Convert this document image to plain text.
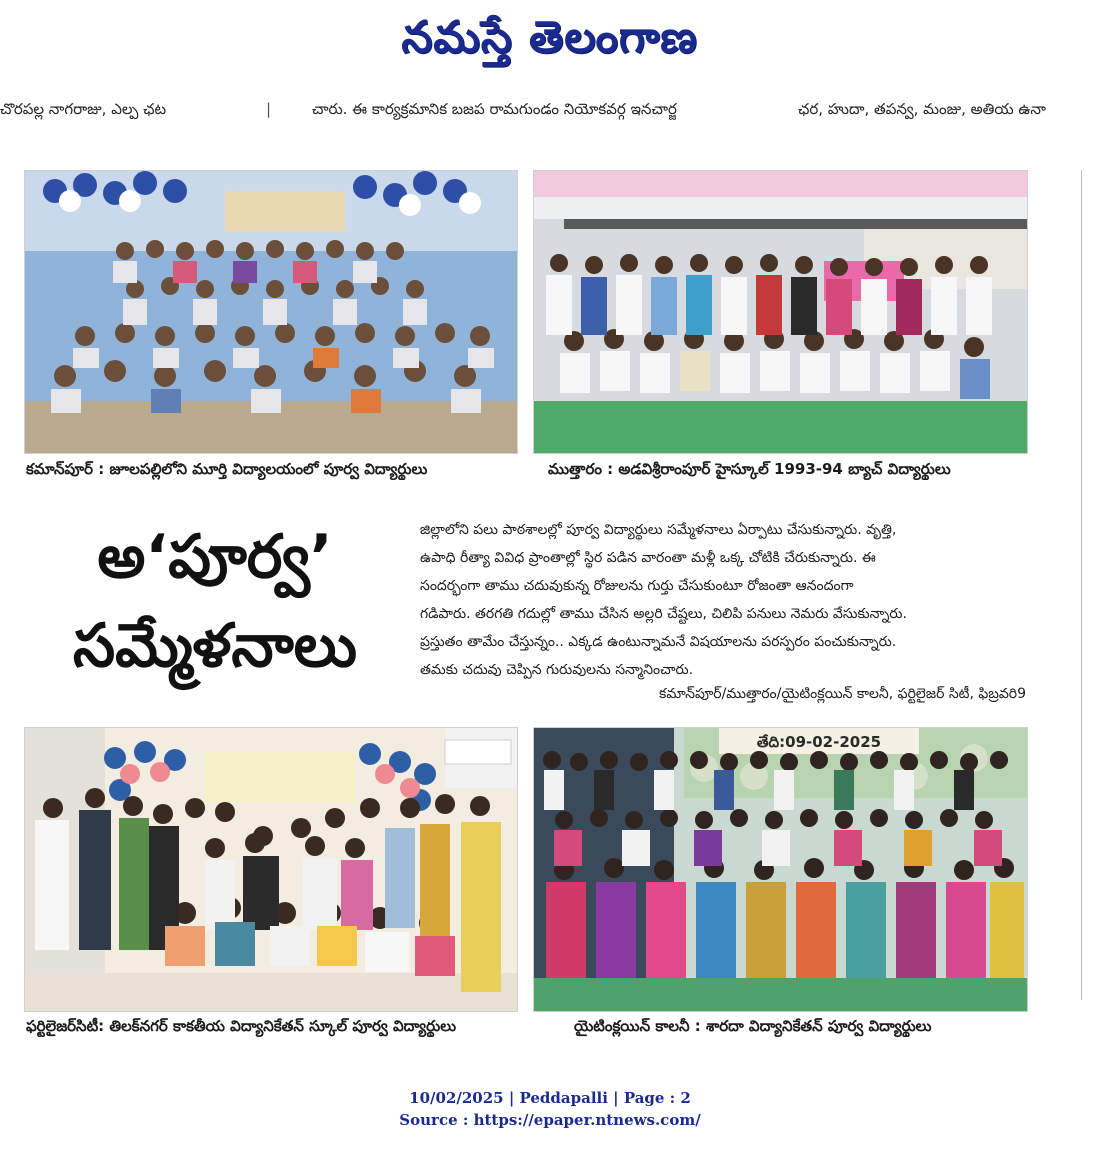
నమస్తే తెలంగాణ
చొరపల్ల నాగరాజు, ఎల్ప ఛట	|	చారు. ఈ కార్యక్రమానిక బజప రామగుండం నియోకవర్గ ఇనచార్జ	ఛర, హుదా, తపన్వ, మంజు, అతియ ఉనా
కమాన్‌పూర్ : జూలపల్లిలోని మూర్తి విద్యాలయంలో పూర్వ విద్యార్థులు	ముత్తారం : అడవిశ్రీరాంపూర్ హైస్కూల్ 1993-94 బ్యాచ్ విద్యార్థులు
అ‘పూర్వ’
సమ్మేళనాలు

జిల్లాలోని పలు పాఠశాలల్లో పూర్వ విద్యార్థులు సమ్మేళనాలు ఏర్పాటు చేసుకున్నారు. వృత్తి,

ఉపాధి రీత్యా వివిధ ప్రాంతాల్లో స్థిర పడిన వారంతా మళ్లీ ఒక్క చోటికి చేరుకున్నారు. ఈ

సందర్భంగా తాము చదువుకున్న రోజులను గుర్తు చేసుకుంటూ రోజంతా ఆనందంగా

గడిపారు. తరగతి గదుల్లో తాము చేసిన అల్లరి చేష్టలు, చిలిపి పనులు నెమరు వేసుకున్నారు.

ప్రస్తుతం తామేం చేస్తున్నం.. ఎక్కడ ఉంటున్నామనే విషయాలను పరస్పరం పంచుకున్నారు.

తమకు చదువు చెప్పిన గురువులను సన్మానించారు.

కమాన్‌పూర్/ముత్తారం/యైటింక్లయిన్ కాలనీ, ఫర్టిలైజర్ సిటీ, ఫిబ్రవరి9
ఫర్టిలైజర్‌సిటీ: తిలక్‌నగర్ కాకతీయ విద్యానికేతన్ స్కూల్ పూర్వ విద్యార్థులు
తేది:09-02-2025
యైటింక్లయిన్ కాలనీ : శారదా విద్యానికేతన్ పూర్వ విద్యార్థులు
10/02/2025 | Peddapalli | Page : 2
Source : https://epaper.ntnews.com/
